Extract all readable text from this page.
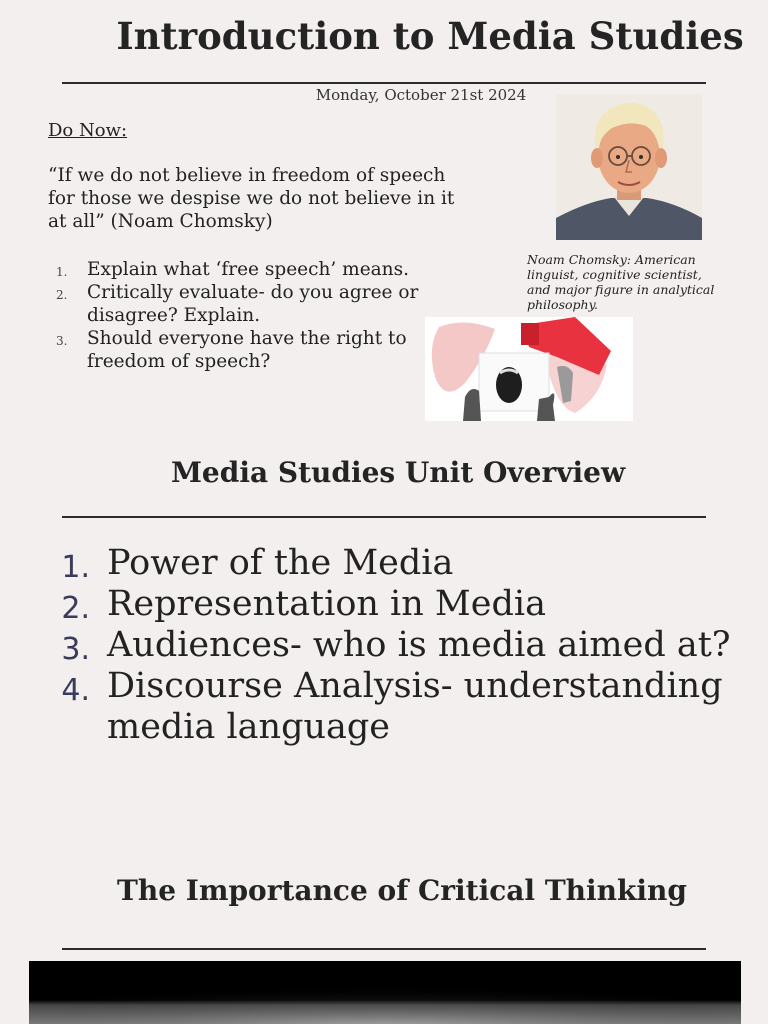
Introduction to Media Studies
Monday, October 21st 2024
Do Now:
“If we do not believe in freedom of speech for those we despise we do not believe in it at all” (Noam Chomsky)
1. Explain what ‘free speech’ means.
2. Critically evaluate- do you agree or disagree? Explain.
3. Should everyone have the right to freedom of speech?
Noam Chomsky: American linguist, cognitive scientist, and major figure in analytical philosophy.
Media Studies Unit Overview
1. Power of the Media
2. Representation in Media
3. Audiences- who is media aimed at?
4. Discourse Analysis- understanding media language
The Importance of Critical Thinking
